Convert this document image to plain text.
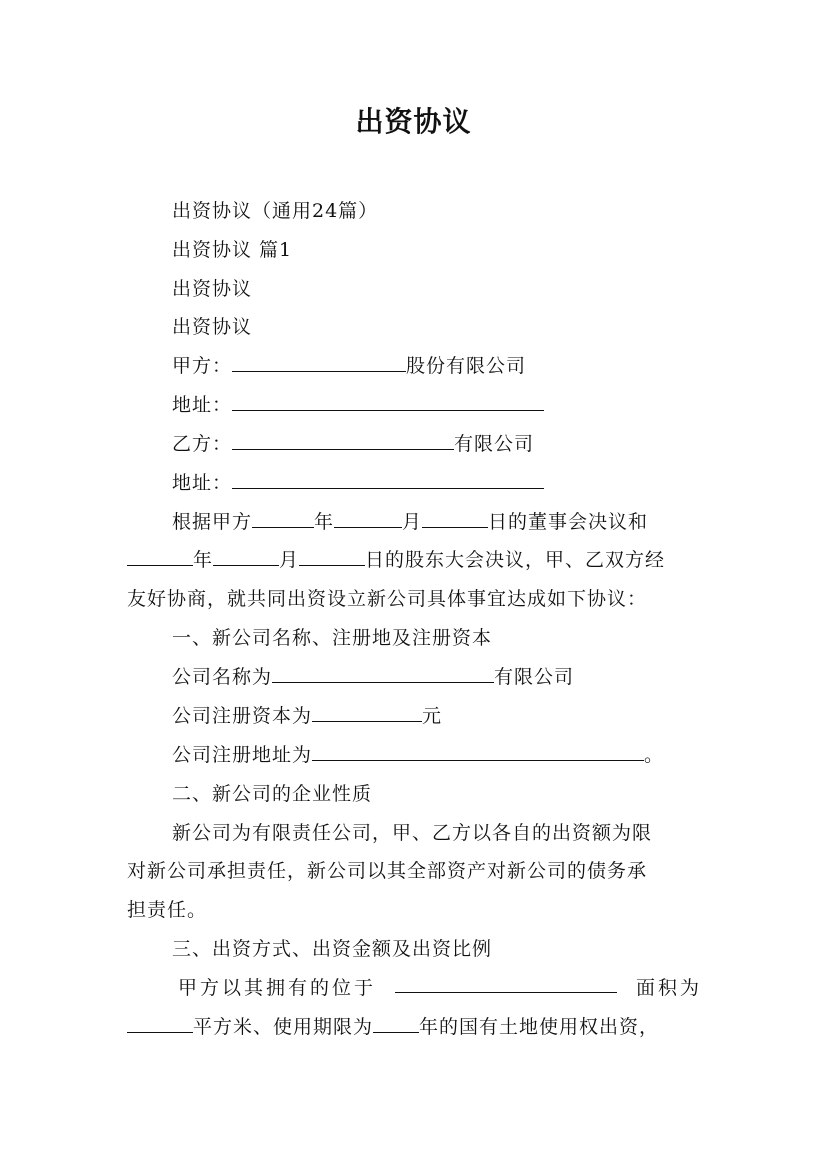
出资协议
出资协议（通用24篇）
出资协议 篇1
出资协议
出资协议
甲方：	股份有限公司
地址：
乙方：	有限公司
地址：
根据甲方	年	月	日的董事会决议和
年	月	日的股东大会决议，甲、乙双方经
友好协商，就共同出资设立新公司具体事宜达成如下协议：
一、新公司名称、注册地及注册资本
公司名称为	有限公司
公司注册资本为	元
公司注册地址为	。
二、新公司的企业性质
新公司为有限责任公司，甲、乙方以各自的出资额为限
对新公司承担责任，新公司以其全部资产对新公司的债务承
担责任。
三、出资方式、出资金额及出资比例
甲方以其拥有的位于	面积为
平方米、使用期限为 年的国有土地使用权出资，
